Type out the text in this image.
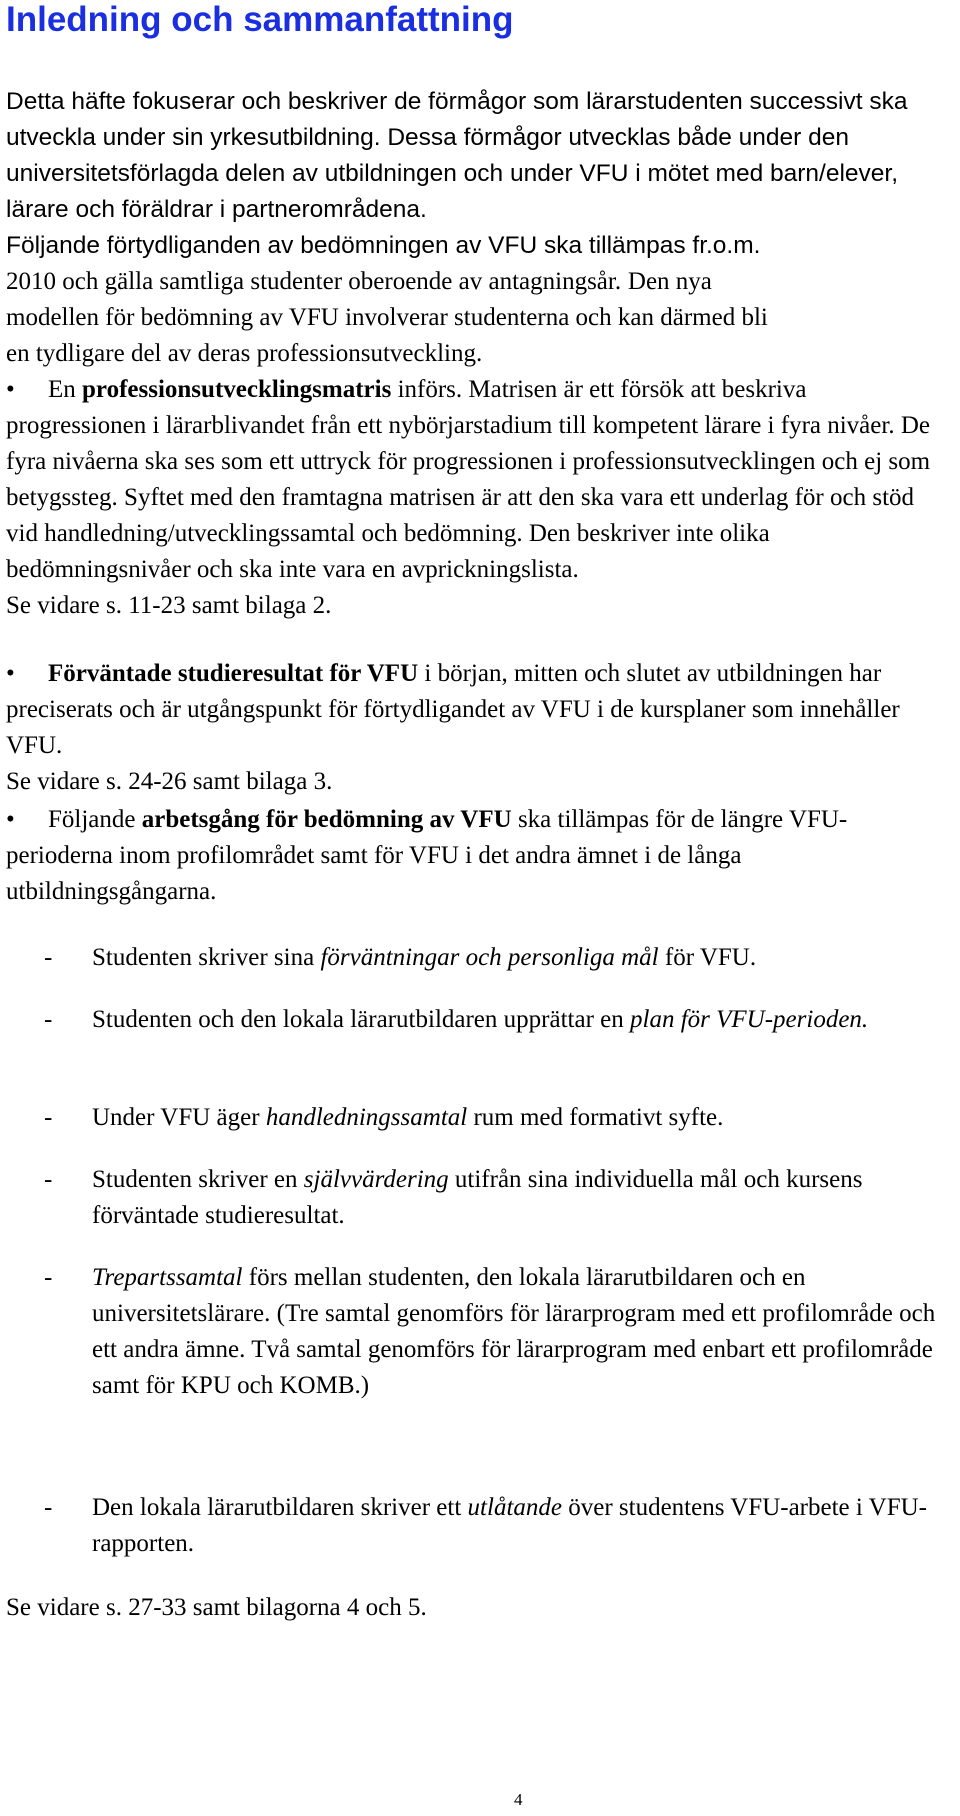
Inledning och sammanfattning

Detta häfte fokuserar och beskriver de förmågor som lärarstudenten successivt ska utveckla under sin yrkesutbildning. Dessa förmågor utvecklas både under den universitetsförlagda delen av utbildningen och under VFU i mötet med barn/elever, lärare och föräldrar i partnerområdena.

Följande förtydliganden av bedömningen av VFU ska tillämpas fr.o.m. 2010 och gälla samtliga studenter oberoende av antagningsår. Den nya modellen för bedömning av VFU involverar studenterna och kan därmed bli en tydligare del av deras professionsutveckling.

En professionsutvecklingsmatris införs. Matrisen är ett försök att beskriva progressionen i lärarblivandet från ett nybörjarstadium till kompetent lärare i fyra nivåer. De fyra nivåerna ska ses som ett uttryck för progressionen i professionsutvecklingen och ej som betygssteg. Syftet med den framtagna matrisen är att den ska vara ett underlag för och stöd vid handledning/utvecklingssamtal och bedömning. Den beskriver inte olika bedömningsnivåer och ska inte vara en avprickningslista.
Se vidare s. 11-23 samt bilaga 2.
•
Förväntade studieresultat för VFU i början, mitten och slutet av utbildningen har preciserats och är utgångspunkt för förtydligandet av VFU i de kursplaner som innehåller VFU.
Se vidare s. 24-26 samt bilaga 3.
•
Följande arbetsgång för bedömning av VFU ska tillämpas för de längre VFU-perioderna inom profilområdet samt för VFU i det andra ämnet i de långa utbildningsgångarna.
•
- Studenten skriver sina förväntningar och personliga mål för VFU.
- Studenten och den lokala lärarutbildaren upprättar en plan för VFU-perioden.
- Under VFU äger handledningssamtal rum med formativt syfte.
- Studenten skriver en självvärdering utifrån sina individuella mål och kursens förväntade studieresultat.
- Trepartssamtal förs mellan studenten, den lokala lärarutbildaren och en universitetslärare. (Tre samtal genomförs för lärarprogram med ett profilområde och ett andra ämne. Två samtal genomförs för lärarprogram med enbart ett profilområde samt för KPU och KOMB.)
- Den lokala lärarutbildaren skriver ett utlåtande över studentens VFU-arbete i VFU-rapporten.

Se vidare s. 27-33 samt bilagorna 4 och 5.

4
